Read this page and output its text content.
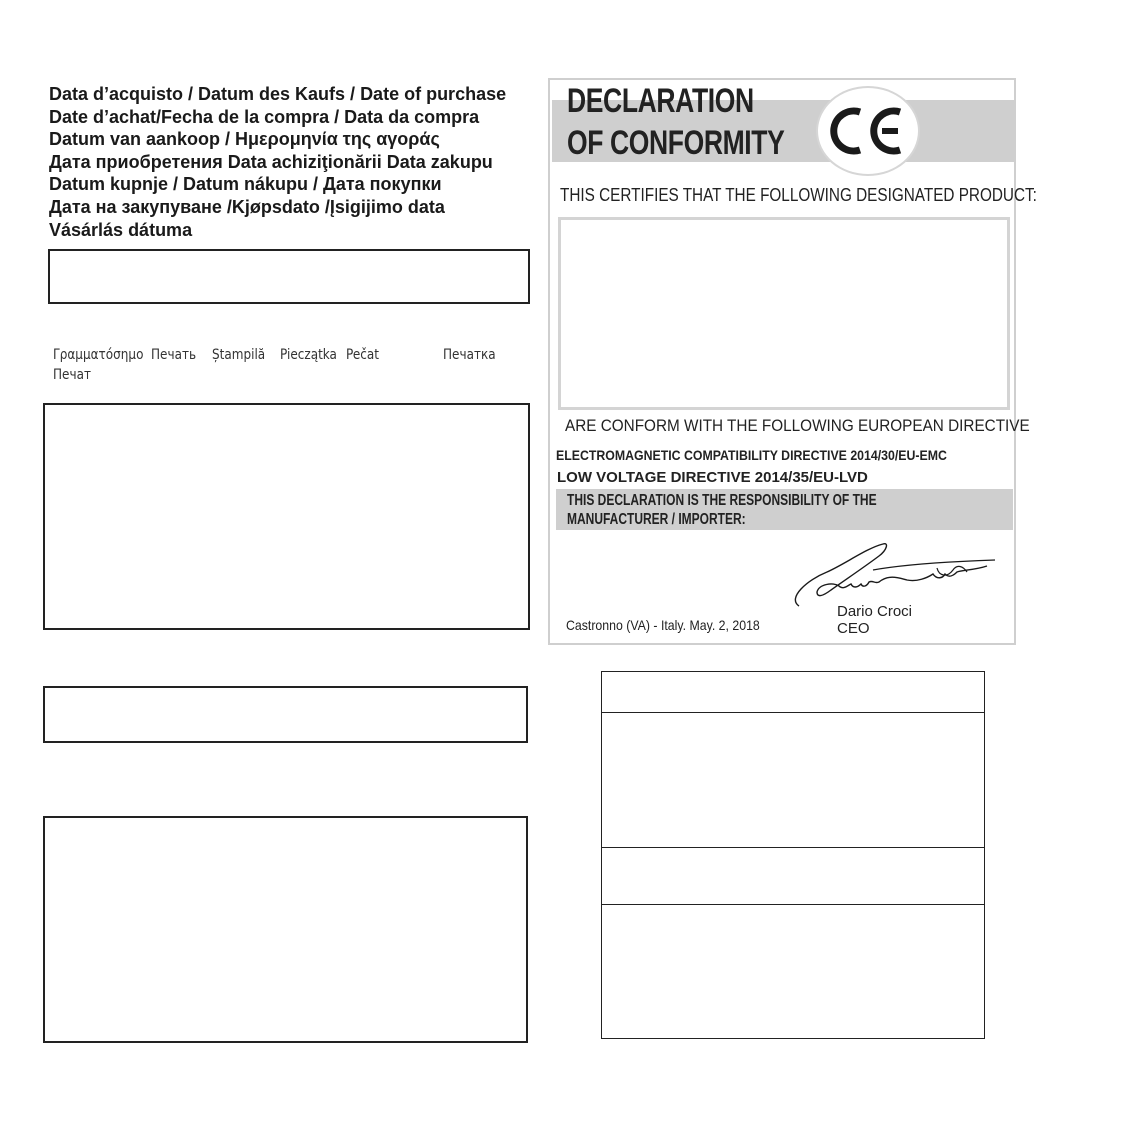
Data d’acquisto / Datum des Kaufs / Date of purchase
Date d’achat/Fecha de la compra / Data da compra
Datum van aankoop / Ημερομηνία της αγοράς
Дата приобретения Data achiziţionării Data zakupu
Datum kupnje / Datum nákupu / Дата покупки
Дата на закупуване /Kjøpsdato /Įsigijimo data
Vásárlás dátuma
Γραμματόσημο Печать Ștampilă Pieczątka Pečat	Печатка
Печат
DECLARATION
OF CONFORMITY
THIS CERTIFIES THAT THE FOLLOWING DESIGNATED PRODUCT:
ARE CONFORM WITH THE FOLLOWING EUROPEAN DIRECTIVE
ELECTROMAGNETIC COMPATIBILITY DIRECTIVE 2014/30/EU-EMC
LOW VOLTAGE DIRECTIVE 2014/35/EU-LVD
THIS DECLARATION IS THE RESPONSIBILITY OF THE
MANUFACTURER / IMPORTER:
Castronno (VA) - Italy. May. 2, 2018
Dario Croci
CEO
